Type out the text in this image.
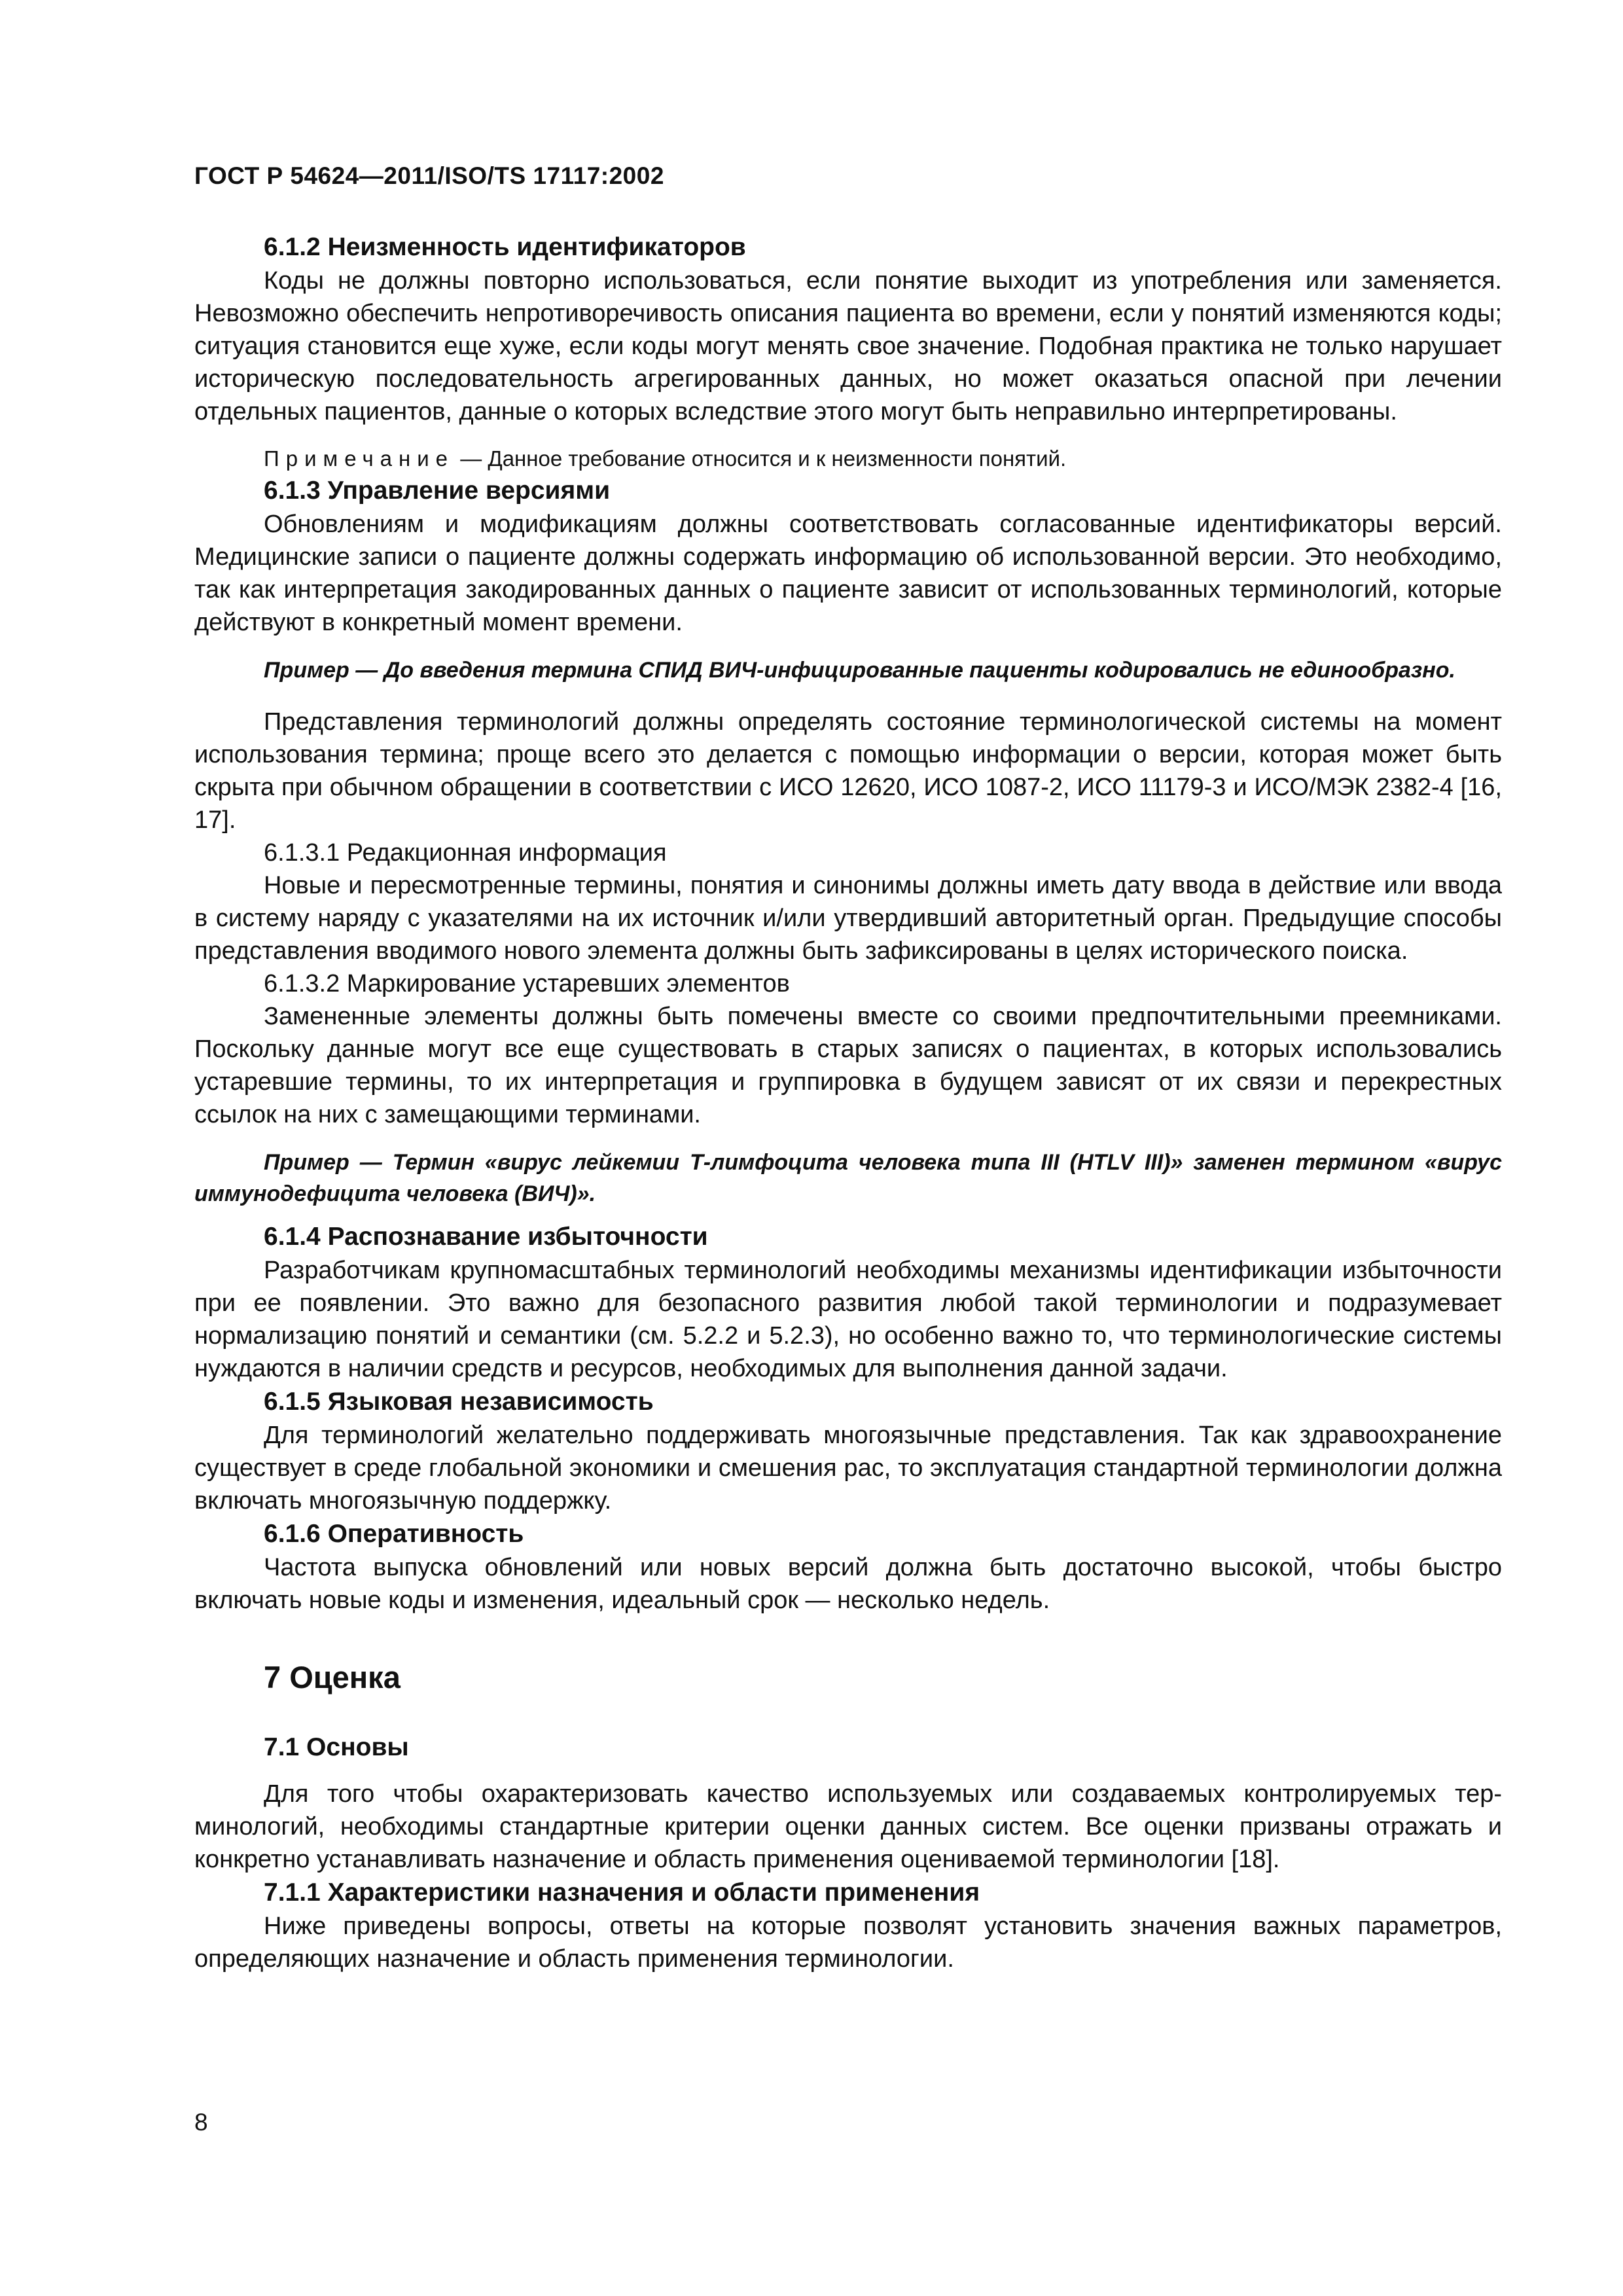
ГОСТ Р 54624—2011/ISO/TS 17117:2002
6.1.2 Неизменность идентификаторов

Коды не должны повторно использоваться, если понятие выходит из употребления или заменяется. Невозможно обеспечить непротиворечивость описания пациента во времени, если у понятий изменяются коды; ситуация становится еще хуже, если коды могут менять свое значение. Подобная практика не только нарушает историческую последовательность агрегированных данных, но может оказаться опасной при лечении отдельных пациентов, данные о которых вследствие этого могут быть неправильно интерпретированы.

Примечание — Данное требование относится и к неизменности понятий.
6.1.3 Управление версиями

Обновлениям и модификациям должны соответствовать согласованные идентификаторы версий. Медицинские записи о пациенте должны содержать информацию об использованной версии. Это необходимо, так как интерпретация закодированных данных о пациенте зависит от использованных терминологий, которые действуют в конкретный момент времени.

Пример — До введения термина СПИД ВИЧ-инфицированные пациенты кодировались не единообразно.

Представления терминологий должны определять состояние терминологической системы на момент использования термина; проще всего это делается с помощью информации о версии, которая может быть скрыта при обычном обращении в соответствии с ИСО 12620, ИСО 1087-2, ИСО 11179-3 и ИСО/МЭК 2382-4 [16, 17].

6.1.3.1 Редакционная информация

Новые и пересмотренные термины, понятия и синонимы должны иметь дату ввода в действие или ввода в систему наряду с указателями на их источник и/или утвердивший авторитетный орган. Предыдущие способы представления вводимого нового элемента должны быть зафиксированы в целях исторического поиска.

6.1.3.2 Маркирование устаревших элементов

Замененные элементы должны быть помечены вместе со своими предпочтительными преемниками. Поскольку данные могут все еще существовать в старых записях о пациентах, в которых использовались устаревшие термины, то их интерпретация и группировка в будущем зависят от их связи и перекрестных ссылок на них с замещающими терминами.

Пример — Термин «вирус лейкемии Т-лимфоцита человека типа III (HTLV III)» заменен термином «вирус иммунодефицита человека (ВИЧ)».
6.1.4 Распознавание избыточности

Разработчикам крупномасштабных терминологий необходимы механизмы идентификации избыточности при ее появлении. Это важно для безопасного развития любой такой терминологии и подразумевает нормализацию понятий и семантики (см. 5.2.2 и 5.2.3), но особенно важно то, что терминологические системы нуждаются в наличии средств и ресурсов, необходимых для выполнения данной задачи.

6.1.5 Языковая независимость

Для терминологий желательно поддерживать многоязычные представления. Так как здравоохранение существует в среде глобальной экономики и смешения рас, то эксплуатация стандартной терминологии должна включать многоязычную поддержку.

6.1.6 Оперативность

Частота выпуска обновлений или новых версий должна быть достаточно высокой, чтобы быстро включать новые коды и изменения, идеальный срок — несколько недель.

7 Оценка
7.1 Основы

Для того чтобы охарактеризовать качество используемых или создаваемых контролируемых терминологий, необходимы стандартные критерии оценки данных систем. Все оценки призваны отражать и конкретно устанавливать назначение и область применения оцениваемой терминологии [18].

7.1.1 Характеристики назначения и области применения

Ниже приведены вопросы, ответы на которые позволят установить значения важных параметров, определяющих назначение и область применения терминологии.

8
